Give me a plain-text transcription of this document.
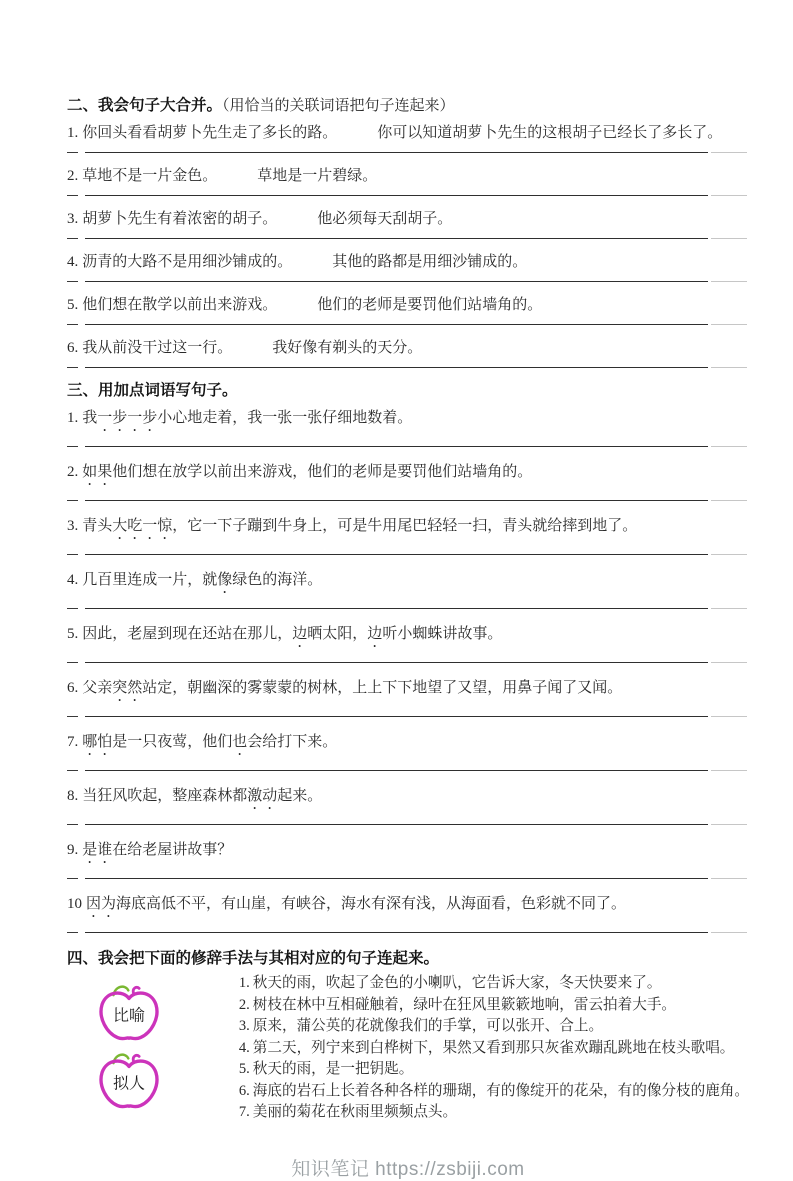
二、我会句子大合并。（用恰当的关联词语把句子连起来）

1. 你回头看看胡萝卜先生走了多长的路。	你可以知道胡萝卜先生的这根胡子已经长了多长了。

2. 草地不是一片金色。	草地是一片碧绿。

3. 胡萝卜先生有着浓密的胡子。	他必须每天刮胡子。

4. 沥青的大路不是用细沙铺成的。	其他的路都是用细沙铺成的。

5. 他们想在散学以前出来游戏。	他们的老师是要罚他们站墙角的。

6. 我从前没干过这一行。	我好像有剃头的天分。

三、用加点词语写句子。

1. 我一步一步小心地走着，我一张一张仔细地数着。

2. 如果他们想在放学以前出来游戏，他们的老师是要罚他们站墙角的。

3. 青头大吃一惊，它一下子蹦到牛身上，可是牛用尾巴轻轻一扫，青头就给摔到地了。

4. 几百里连成一片，就像绿色的海洋。

5. 因此，老屋到现在还站在那儿，边晒太阳，边听小蜘蛛讲故事。

6. 父亲突然站定，朝幽深的雾蒙蒙的树林，上上下下地望了又望，用鼻子闻了又闻。

7. 哪怕是一只夜莺，他们也会给打下来。

8. 当狂风吹起，整座森林都激动起来。

9. 是谁在给老屋讲故事？

10 因为海底高低不平，有山崖，有峡谷，海水有深有浅，从海面看，色彩就不同了。

四、我会把下面的修辞手法与其相对应的句子连起来。
比喻
拟人

1. 秋天的雨，吹起了金色的小喇叭，它告诉大家，冬天快要来了。

2. 树枝在林中互相碰触着，绿叶在狂风里簌簌地响，雷云拍着大手。

3. 原来，蒲公英的花就像我们的手掌，可以张开、合上。

4. 第二天，列宁来到白桦树下，果然又看到那只灰雀欢蹦乱跳地在枝头歌唱。

5. 秋天的雨，是一把钥匙。

6. 海底的岩石上长着各种各样的珊瑚，有的像绽开的花朵，有的像分枝的鹿角。

7. 美丽的菊花在秋雨里频频点头。

知识笔记 https://zsbiji.com
